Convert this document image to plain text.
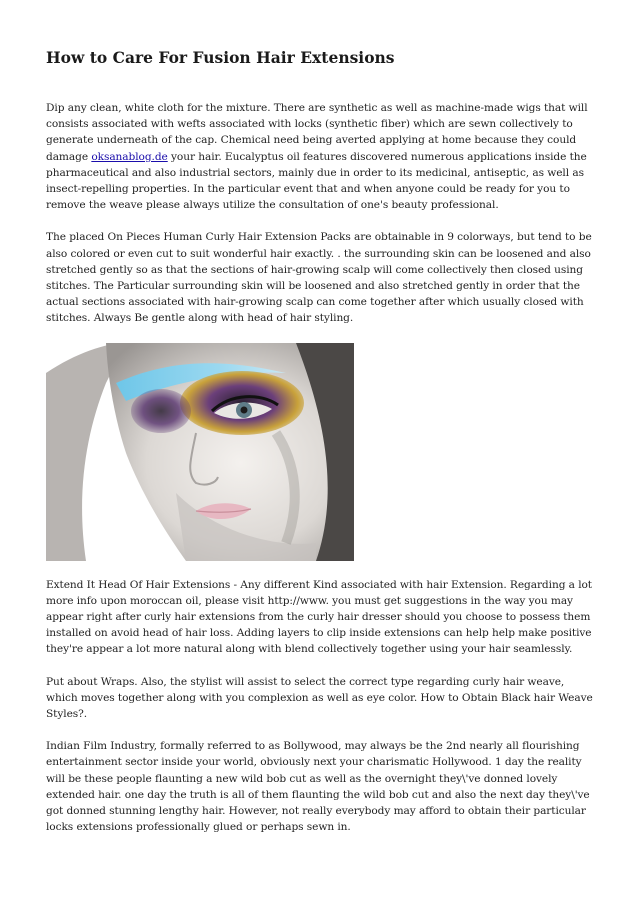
How to Care For Fusion Hair Extensions

Dip any clean, white cloth for the mixture. There are synthetic as well as machine-made wigs that will consists associated with wefts associated with locks (synthetic fiber) which are sewn collectively to generate underneath of the cap. Chemical need being averted applying at home because they could damage oksanablog.de your hair. Eucalyptus oil features discovered numerous applications inside the pharmaceutical and also industrial sectors, mainly due in order to its medicinal, antiseptic, as well as insect-repelling properties. In the particular event that and when anyone could be ready for you to remove the weave please always utilize the consultation of one's beauty professional.

The placed On Pieces Human Curly Hair Extension Packs are obtainable in 9 colorways, but tend to be also colored or even cut to suit wonderful hair exactly. . the surrounding skin can be loosened and also stretched gently so as that the sections of hair-growing scalp will come collectively then closed using stitches. The Particular surrounding skin will be loosened and also stretched gently in order that the actual sections associated with hair-growing scalp can come together after which usually closed with stitches. Always Be gentle along with head of hair styling.

Extend It Head Of Hair Extensions - Any different Kind associated with hair Extension. Regarding a lot more info upon moroccan oil, please visit http://www. you must get suggestions in the way you may appear right after curly hair extensions from the curly hair dresser should you choose to possess them installed on avoid head of hair loss. Adding layers to clip inside extensions can help help make positive they're appear a lot more natural along with blend collectively together using your hair seamlessly.

Put about Wraps. Also, the stylist will assist to select the correct type regarding curly hair weave, which moves together along with you complexion as well as eye color. How to Obtain Black hair Weave Styles?.

Indian Film Industry, formally referred to as Bollywood, may always be the 2nd nearly all flourishing entertainment sector inside your world, obviously next your charismatic Hollywood. 1 day the reality will be these people flaunting a new wild bob cut as well as the overnight they\'ve donned lovely extended hair. one day the truth is all of them flaunting the wild bob cut and also the next day they\'ve got donned stunning lengthy hair. However, not really everybody may afford to obtain their particular locks extensions professionally glued or perhaps sewn in.
